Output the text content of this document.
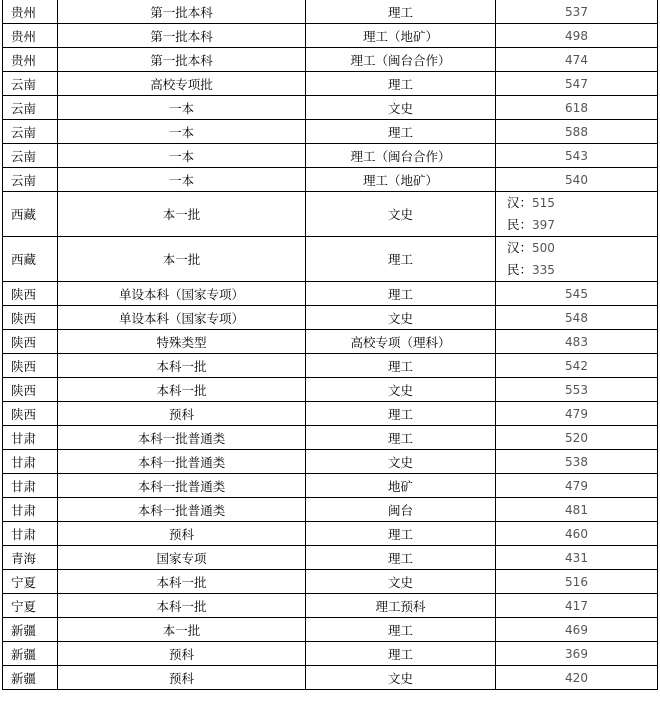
贵州	第一批本科	理工	537
贵州	第一批本科	理工（地矿）	498
贵州	第一批本科	理工（闽台合作）	474
云南	高校专项批	理工	547
云南	一本	文史	618
云南	一本	理工	588
云南	一本	理工（闽台合作）	543
云南	一本	理工（地矿）	540
西藏	本一批	文史	汉：515
民：397

西藏	本一批	理工	汉：500
民：335

陕西	单设本科（国家专项）	理工	545
陕西	单设本科（国家专项）	文史	548
陕西	特殊类型	高校专项（理科）	483
陕西	本科一批	理工	542
陕西	本科一批	文史	553
陕西	预科	理工	479
甘肃	本科一批普通类	理工	520
甘肃	本科一批普通类	文史	538
甘肃	本科一批普通类	地矿	479
甘肃	本科一批普通类	闽台	481
甘肃	预科	理工	460
青海	国家专项	理工	431
宁夏	本科一批	文史	516
宁夏	本科一批	理工预科	417
新疆	本一批	理工	469
新疆	预科	理工	369
新疆	预科	文史	420
